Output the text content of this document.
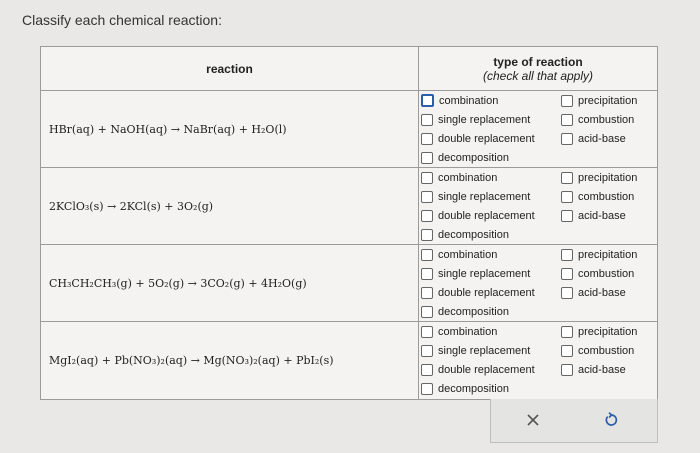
Classify each chemical reaction:
reaction	type of reaction
(check all that apply)
HBr(aq) + NaOH(aq) → NaBr(aq) + H₂O(l)
combination
single replacement
double replacement
decomposition
precipitation
combustion
acid-base
2KClO₃(s) → 2KCl(s) + 3O₂(g)
combination
single replacement
double replacement
decomposition
precipitation
combustion
acid-base
CH₃CH₂CH₃(g) + 5O₂(g) → 3CO₂(g) + 4H₂O(g)
combination
single replacement
double replacement
decomposition
precipitation
combustion
acid-base
MgI₂(aq) + Pb(NO₃)₂(aq) → Mg(NO₃)₂(aq) + PbI₂(s)
combination
single replacement
double replacement
decomposition
precipitation
combustion
acid-base
